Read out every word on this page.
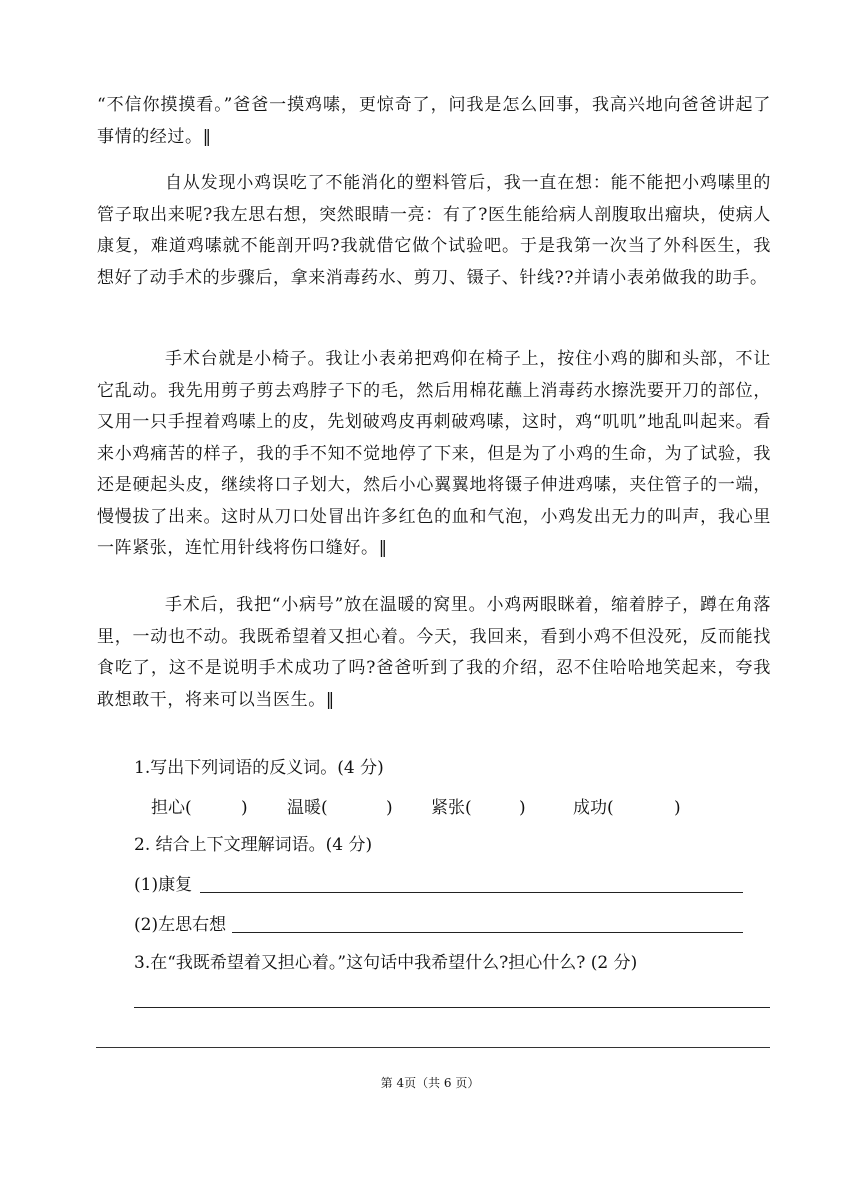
“不信你摸摸看。”爸爸一摸鸡嗉，更惊奇了，问我是怎么回事，我高兴地向爸爸讲起了事情的经过。‖

自从发现小鸡误吃了不能消化的塑料管后，我一直在想：能不能把小鸡嗉里的管子取出来呢?我左思右想，突然眼睛一亮：有了?医生能给病人剖腹取出瘤块，使病人康复，难道鸡嗉就不能剖开吗?我就借它做个试验吧。于是我第一次当了外科医生，我想好了动手术的步骤后，拿来消毒药水、剪刀、镊子、针线??并请小表弟做我的助手。

手术台就是小椅子。我让小表弟把鸡仰在椅子上，按住小鸡的脚和头部，不让它乱动。我先用剪子剪去鸡脖子下的毛，然后用棉花蘸上消毒药水擦洗要开刀的部位，又用一只手捏着鸡嗉上的皮，先划破鸡皮再刺破鸡嗉，这时，鸡“叽叽”地乱叫起来。看来小鸡痛苦的样子，我的手不知不觉地停了下来，但是为了小鸡的生命，为了试验，我还是硬起头皮，继续将口子划大，然后小心翼翼地将镊子伸进鸡嗉，夹住管子的一端，慢慢拔了出来。这时从刀口处冒出许多红色的血和气泡，小鸡发出无力的叫声，我心里一阵紧张，连忙用针线将伤口缝好。‖

手术后，我把“小病号”放在温暖的窝里。小鸡两眼眯着，缩着脖子，蹲在角落里，一动也不动。我既希望着又担心着。今天，我回来，看到小鸡不但没死，反而能找食吃了，这不是说明手术成功了吗?爸爸听到了我的介绍，忍不住哈哈地笑起来，夸我敢想敢干，将来可以当医生。‖

1.写出下列词语的反义词。(4 分)

担心(	) 温暖(	) 紧张(	)	成功(	)

2. 结合上下文理解词语。(4 分)

(1)康复

(2)左思右想

3.在“我既希望着又担心着。”这句话中我希望什么?担心什么? (2 分)

第 4页（共 6 页）
